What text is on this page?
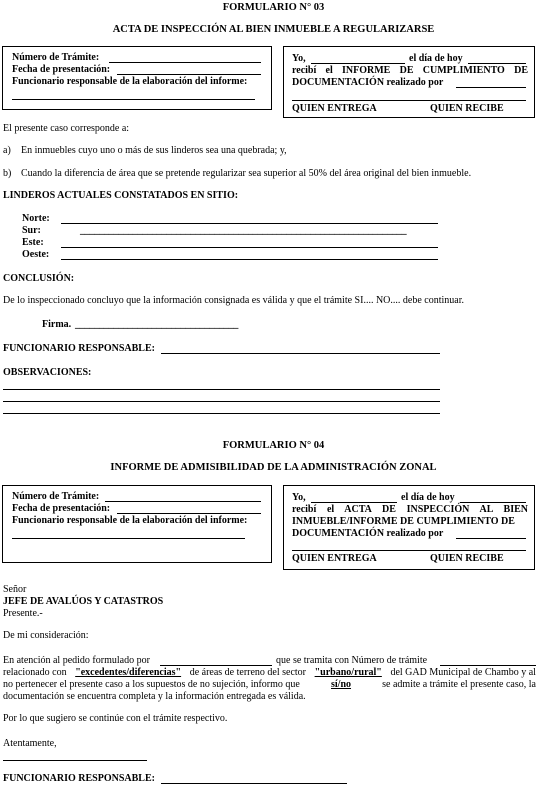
FORMULARIO N° 03
ACTA DE INSPECCIÓN AL BIEN INMUEBLE A REGULARIZARSE
Número de Trámite:
Fecha de presentación:
Funcionario responsable de la elaboración del informe:
Yo,	el día de hoy
recibí el INFORME DE CUMPLIMIENTO DE
DOCUMENTACIÓN realizado por
QUIEN ENTREGA	QUIEN RECIBE
El presente caso corresponde a:
a) En inmuebles cuyo uno o más de sus linderos sea una quebrada; y,
b) Cuando la diferencia de área que se pretende regularizar sea superior al 50% del área original del bien inmueble.
LINDEROS ACTUALES CONSTATADOS EN SITIO:
Norte:
Sur:	____________________________________________________________________
Este:
Oeste:
CONCLUSIÓN:
De lo inspeccionado concluyo que la información consignada es válida y que el trámite SI.... NO.... debe continuar.
Firma. __________________________________
FUNCIONARIO RESPONSABLE:
OBSERVACIONES:
FORMULARIO N° 04
INFORME DE ADMISIBILIDAD DE LA ADMINISTRACIÓN ZONAL
Número de Trámite:
Fecha de presentación:
Funcionario responsable de la elaboración del informe:
Yo,	el día de hoy
recibí el ACTA DE INSPECCIÓN AL BIEN
INMUEBLE/INFORME DE CUMPLIMIENTO DE
DOCUMENTACIÓN realizado por
QUIEN ENTREGA	QUIEN RECIBE
Señor
JEFE DE AVALÚOS Y CATASTROS
Presente.-
De mi consideración:
En atención al pedido formulado por	que se tramita con Número de trámite
relacionado con "excedentes/diferencias" de áreas de terreno del sector "urbano/rural" del GAD Municipal de Chambo y al
no pertenecer el presente caso a los supuestos de no sujeción, informo que	sí/no	se admite a trámite el presente caso, la
documentación se encuentra completa y la información entregada es válida.
Por lo que sugiero se continúe con el trámite respectivo.
Atentamente,
FUNCIONARIO RESPONSABLE:
